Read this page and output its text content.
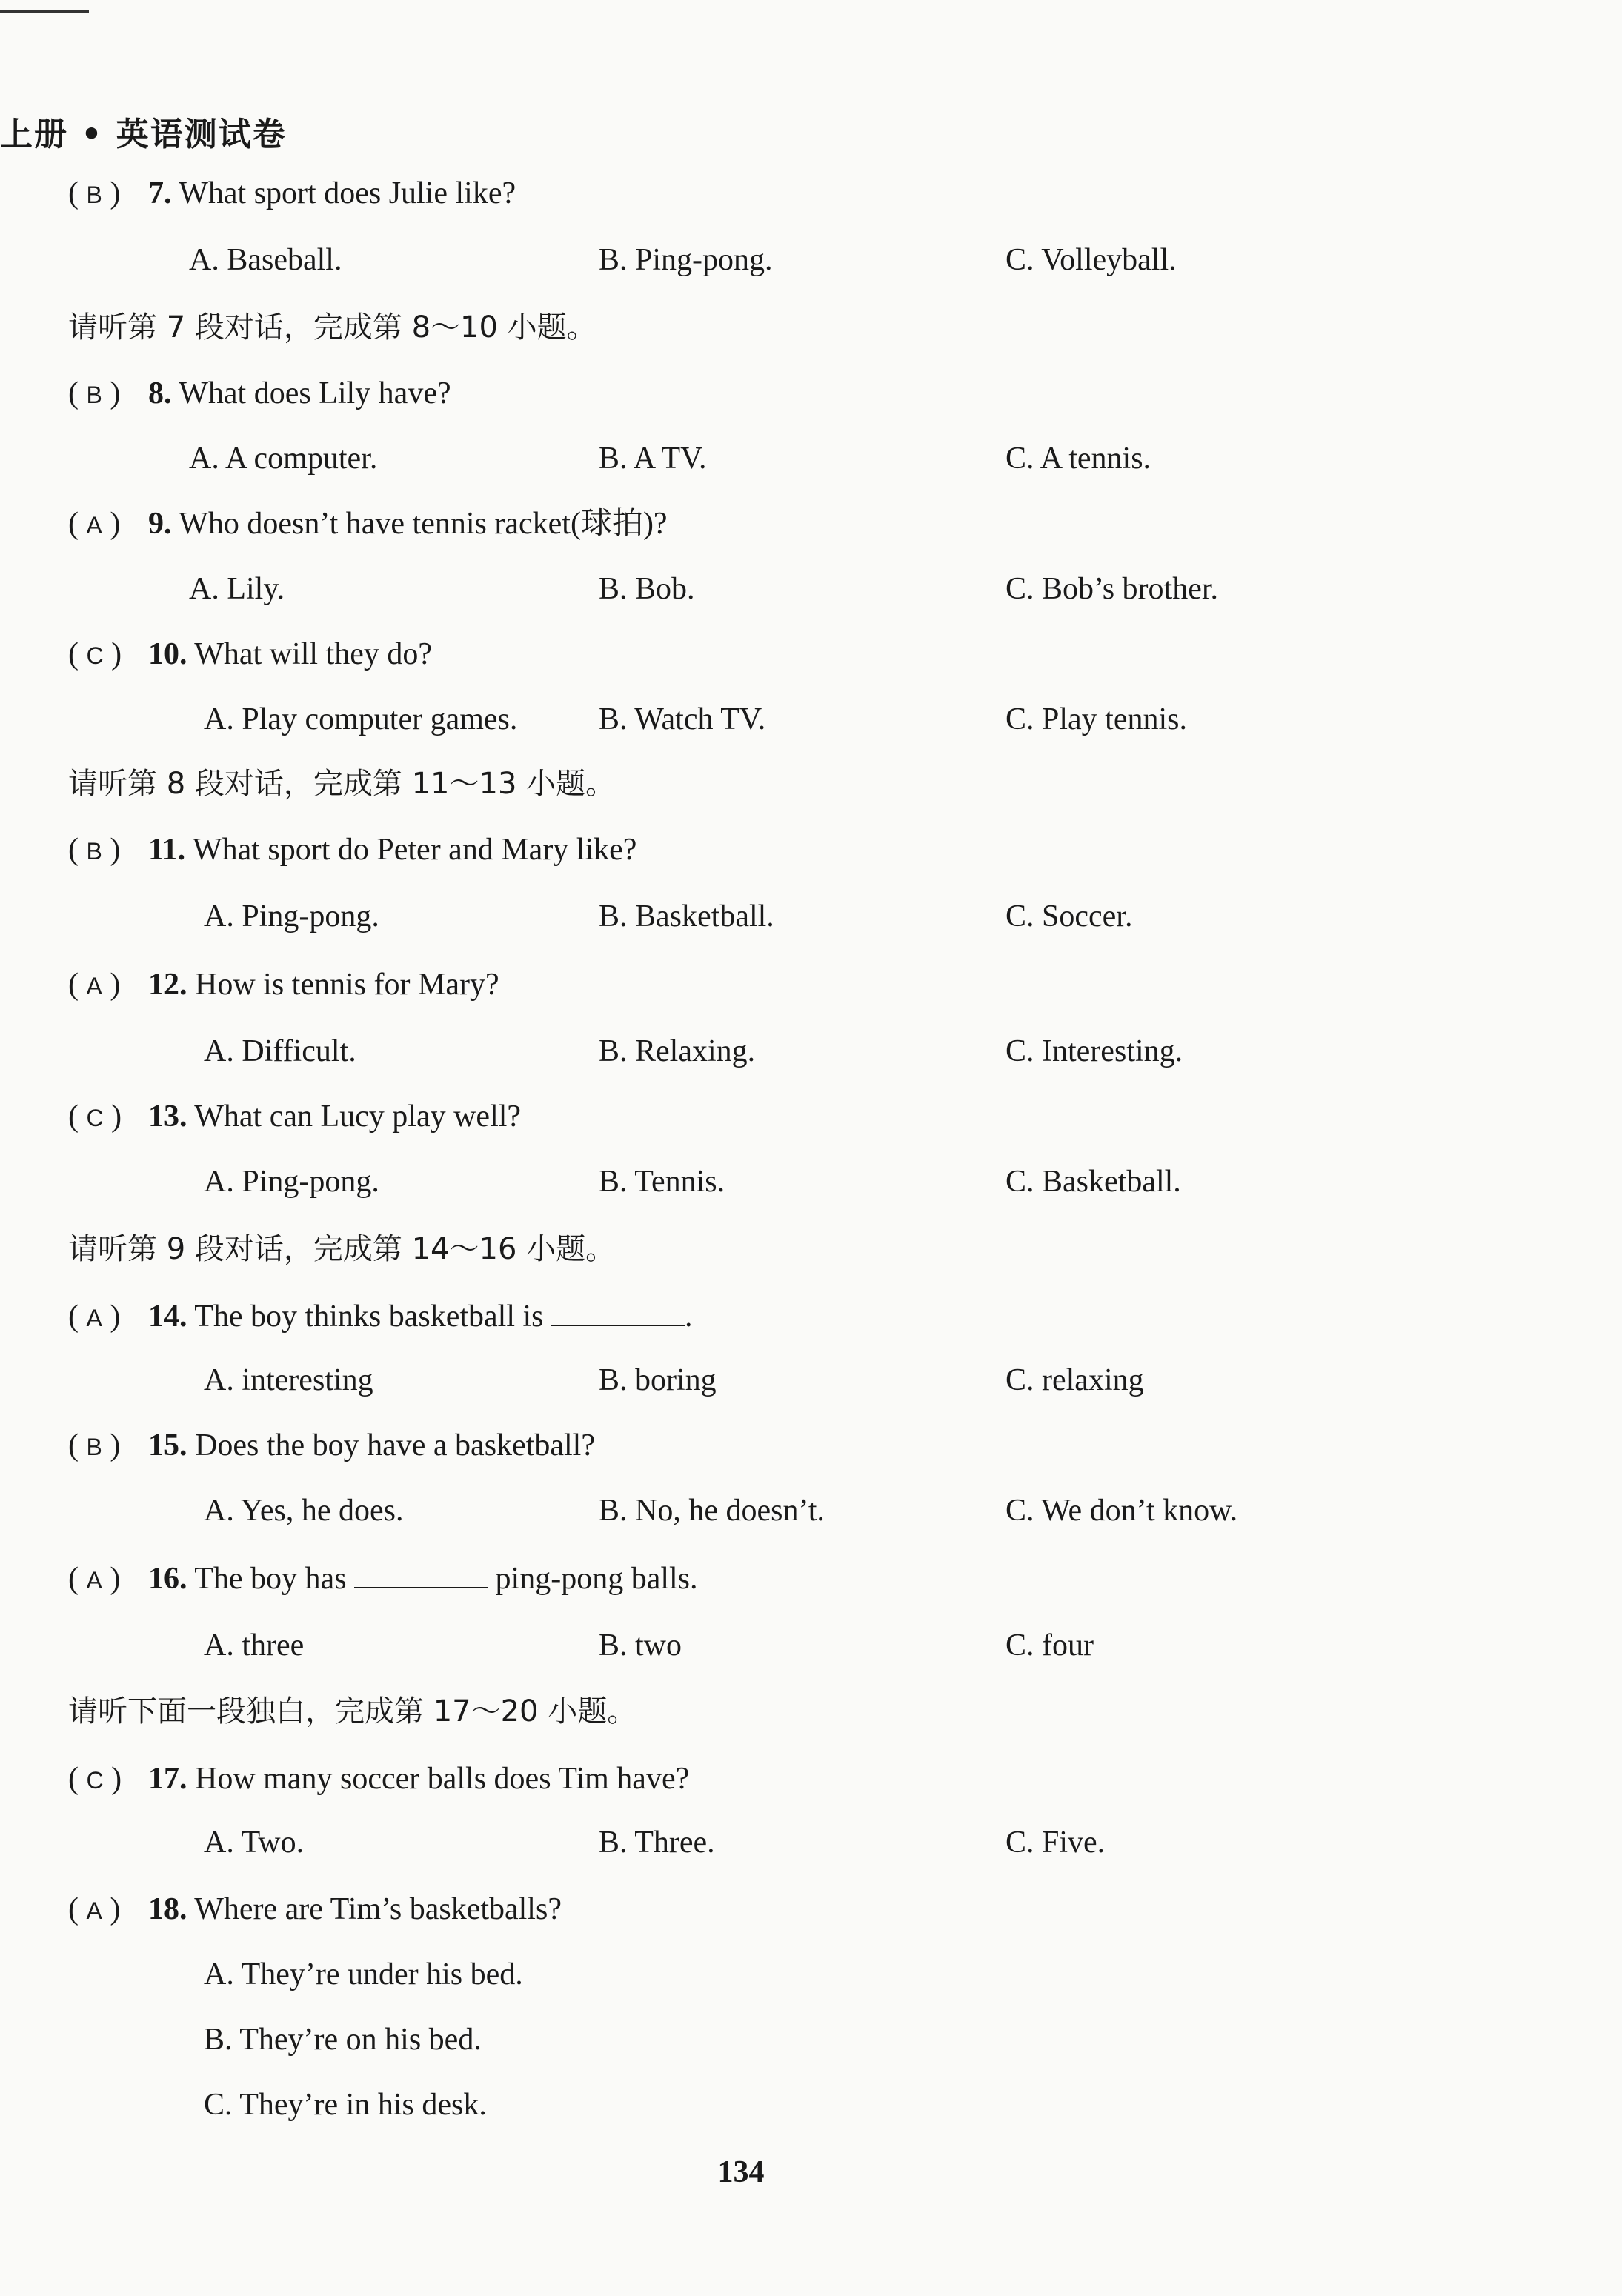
上册 • 英语测试卷
( B ) 7. What sport does Julie like?
A. Baseball.	B. Ping-pong.	C. Volleyball.
请听第 7 段对话，完成第 8～10 小题。
( B ) 8. What does Lily have?
A. A computer.	B. A TV.	C. A tennis.
( A ) 9. Who doesn’t have tennis racket(球拍)?
A. Lily.	B. Bob.	C. Bob’s brother.
( C ) 10. What will they do?
A. Play computer games.	B. Watch TV.	C. Play tennis.
请听第 8 段对话，完成第 11～13 小题。
( B ) 11. What sport do Peter and Mary like?
A. Ping-pong.	B. Basketball.	C. Soccer.
( A ) 12. How is tennis for Mary?
A. Difficult.	B. Relaxing.	C. Interesting.
( C ) 13. What can Lucy play well?
A. Ping-pong.	B. Tennis.	C. Basketball.
请听第 9 段对话，完成第 14～16 小题。
( A ) 14. The boy thinks basketball is	.
A. interesting	B. boring	C. relaxing
( B ) 15. Does the boy have a basketball?
A. Yes, he does.	B. No, he doesn’t.	C. We don’t know.
( A ) 16. The boy has	ping-pong balls.
A. three	B. two	C. four
请听下面一段独白，完成第 17～20 小题。
( C ) 17. How many soccer balls does Tim have?
A. Two.	B. Three.	C. Five.
( A ) 18. Where are Tim’s basketballs?
A. They’re under his bed.
B. They’re on his bed.
C. They’re in his desk.
134
